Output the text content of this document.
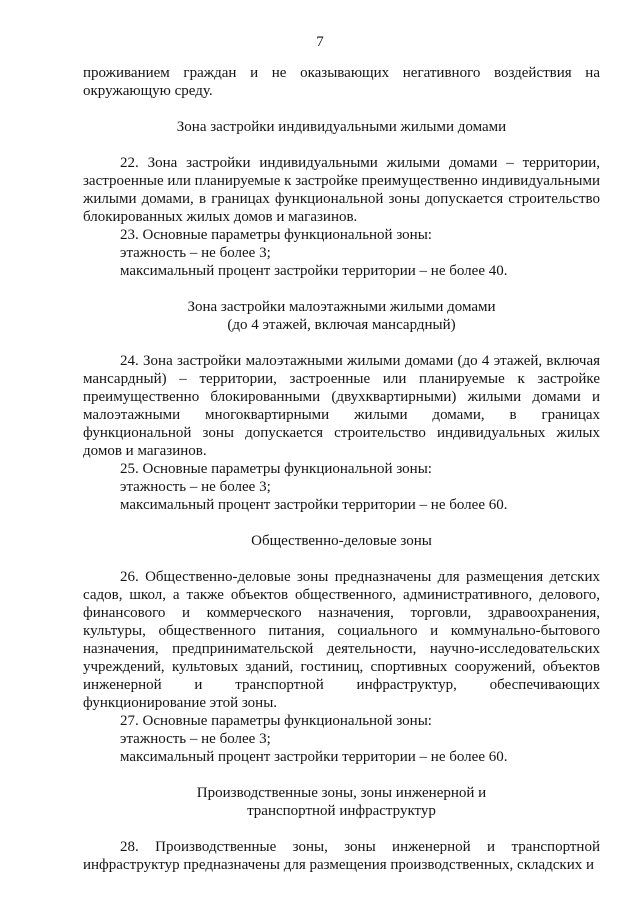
7

проживанием граждан и не оказывающих негативного воздействия на окружающую среду.

Зона застройки индивидуальными жилыми домами

22. Зона застройки индивидуальными жилыми домами – территории, застроенные или планируемые к застройке преимущественно индивидуальными жилыми домами, в границах функциональной зоны допускается строительство блокированных жилых домов и магазинов.

23. Основные параметры функциональной зоны:

этажность – не более 3;

максимальный процент застройки территории – не более 40.

Зона застройки малоэтажными жилыми домами

(до 4 этажей, включая мансардный)

24. Зона застройки малоэтажными жилыми домами (до 4 этажей, включая мансардный) – территории, застроенные или планируемые к застройке преимущественно блокированными (двухквартирными) жилыми домами и малоэтажными многоквартирными жилыми домами, в границах функциональной зоны допускается строительство индивидуальных жилых домов и магазинов.

25. Основные параметры функциональной зоны:

этажность – не более 3;

максимальный процент застройки территории – не более 60.

Общественно-деловые зоны

26. Общественно-деловые зоны предназначены для размещения детских садов, школ, а также объектов общественного, административного, делового, финансового и коммерческого назначения, торговли, здравоохранения, культуры, общественного питания, социального и коммунально-бытового назначения, предпринимательской деятельности, научно-исследовательских учреждений, культовых зданий, гостиниц, спортивных сооружений, объектов инженерной и транспортной инфраструктур, обеспечивающих функционирование этой зоны.

27. Основные параметры функциональной зоны:

этажность – не более 3;

максимальный процент застройки территории – не более 60.

Производственные зоны, зоны инженерной и

транспортной инфраструктур

28. Производственные зоны, зоны инженерной и транспортной инфраструктур предназначены для размещения производственных, складских и
